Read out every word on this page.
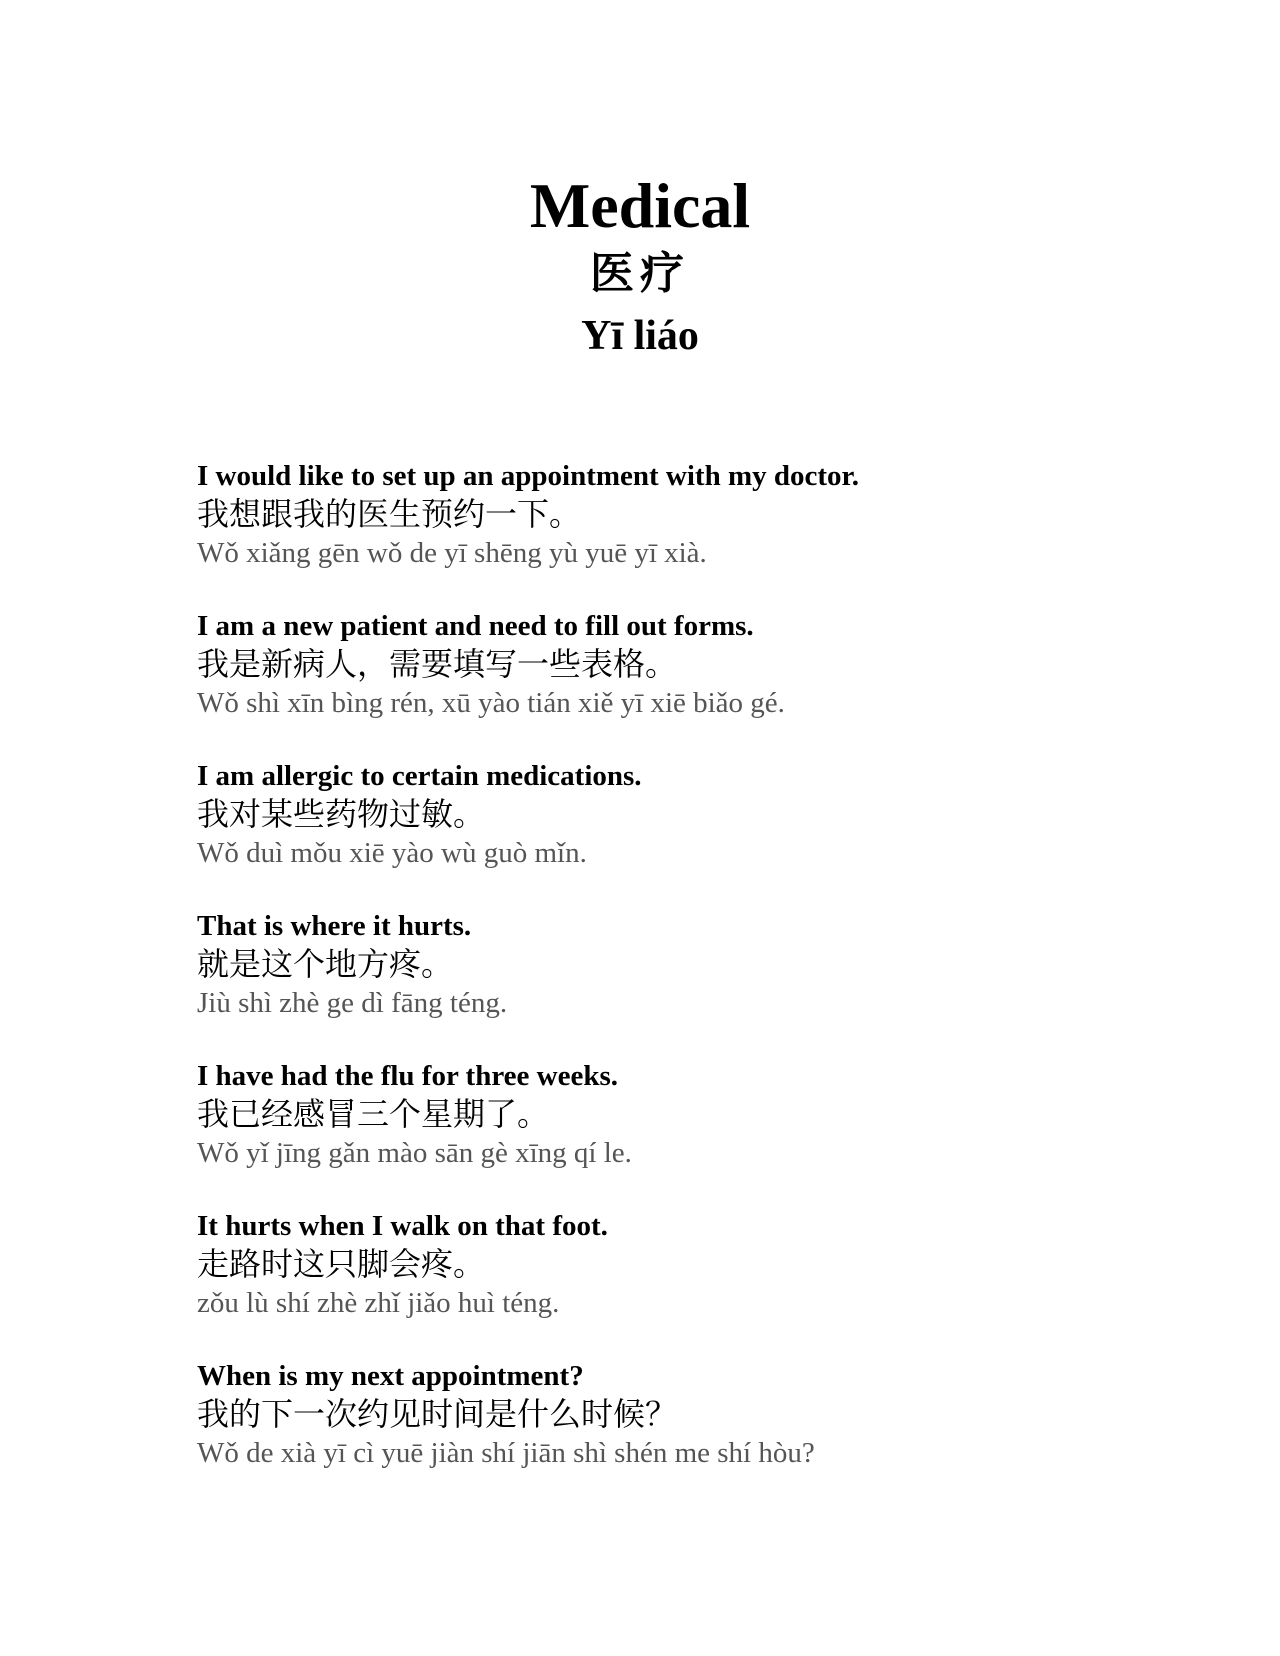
Medical
医疗
Yī liáo
I would like to set up an appointment with my doctor.
我想跟我的医生预约一下。
Wǒ xiǎng gēn wǒ de yī shēng yù yuē yī xià.
I am a new patient and need to fill out forms.
我是新病人，需要填写一些表格。
Wǒ shì xīn bìng rén, xū yào tián xiě yī xiē biǎo gé.
I am allergic to certain medications.
我对某些药物过敏。
Wǒ duì mǒu xiē yào wù guò mǐn.
That is where it hurts.
就是这个地方疼。
Jiù shì zhè ge dì fāng téng.
I have had the flu for three weeks.
我已经感冒三个星期了。
Wǒ yǐ jīng gǎn mào sān gè xīng qí le.
It hurts when I walk on that foot.
走路时这只脚会疼。
zǒu lù shí zhè zhǐ jiǎo huì téng.
When is my next appointment?
我的下一次约见时间是什么时候？
Wǒ de xià yī cì yuē jiàn shí jiān shì shén me shí hòu?
